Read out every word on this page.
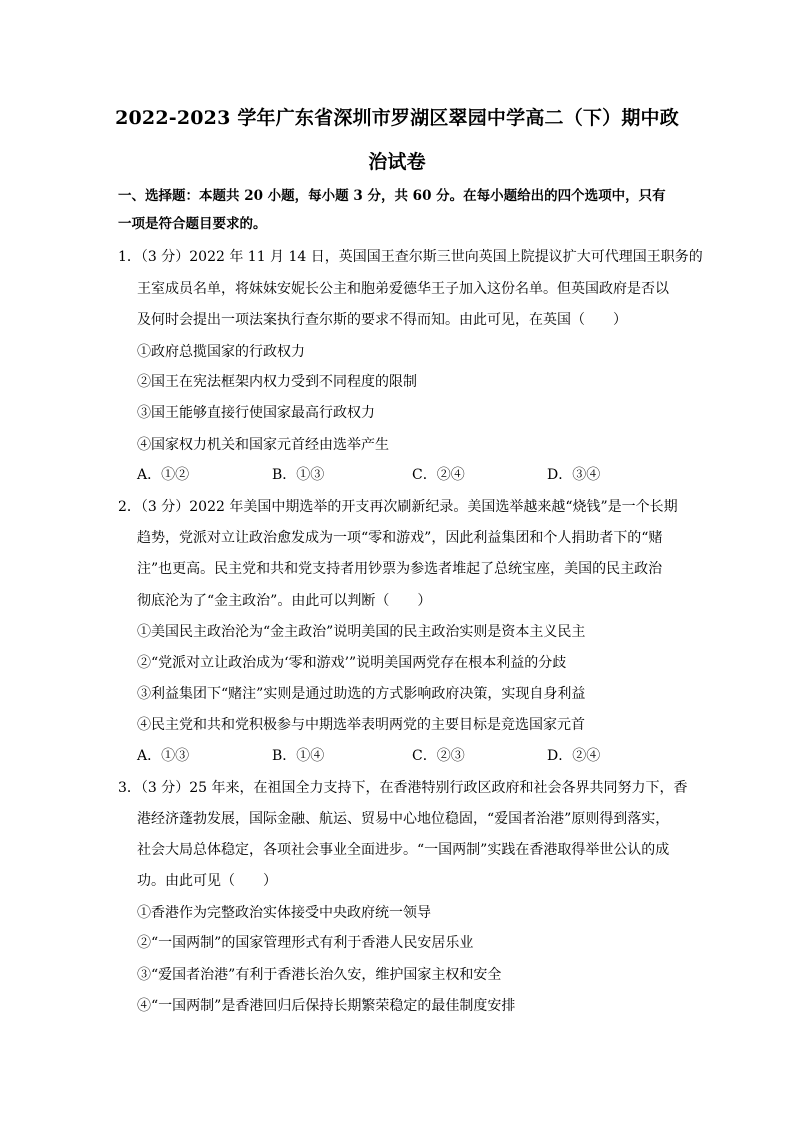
2022-2023 学年广东省深圳市罗湖区翠园中学高二（下）期中政
治试卷
一、选择题：本题共 20 小题，每小题 3 分，共 60 分。在每小题给出的四个选项中，只有
一项是符合题目要求的。
1．（3 分）2022 年 11 月 14 日，英国国王查尔斯三世向英国上院提议扩大可代理国王职务的
王室成员名单，将妹妹安妮长公主和胞弟爱德华王子加入这份名单。但英国政府是否以
及何时会提出一项法案执行查尔斯的要求不得而知。由此可见，在英国（　　）
①政府总揽国家的行政权力
②国王在宪法框架内权力受到不同程度的限制
③国王能够直接行使国家最高行政权力
④国家权力机关和国家元首经由选举产生
A．①②	B．①③	C．②④	D．③④
2．（3 分）2022 年美国中期选举的开支再次刷新纪录。美国选举越来越“烧钱”是一个长期
趋势，党派对立让政治愈发成为一项“零和游戏”，因此利益集团和个人捐助者下的“赌
注”也更高。民主党和共和党支持者用钞票为参选者堆起了总统宝座，美国的民主政治
彻底沦为了“金主政治”。由此可以判断（　　）
①美国民主政治沦为“金主政治”说明美国的民主政治实则是资本主义民主
②“党派对立让政治成为‘零和游戏’”说明美国两党存在根本利益的分歧
③利益集团下“赌注”实则是通过助选的方式影响政府决策，实现自身利益
④民主党和共和党积极参与中期选举表明两党的主要目标是竞选国家元首
A．①③	B．①④	C．②③	D．②④
3．（3 分）25 年来，在祖国全力支持下，在香港特别行政区政府和社会各界共同努力下，香
港经济蓬勃发展，国际金融、航运、贸易中心地位稳固，“爱国者治港”原则得到落实，
社会大局总体稳定，各项社会事业全面进步。“一国两制”实践在香港取得举世公认的成
功。由此可见（　　）
①香港作为完整政治实体接受中央政府统一领导
②“一国两制”的国家管理形式有利于香港人民安居乐业
③“爱国者治港”有利于香港长治久安，维护国家主权和安全
④“一国两制”是香港回归后保持长期繁荣稳定的最佳制度安排
